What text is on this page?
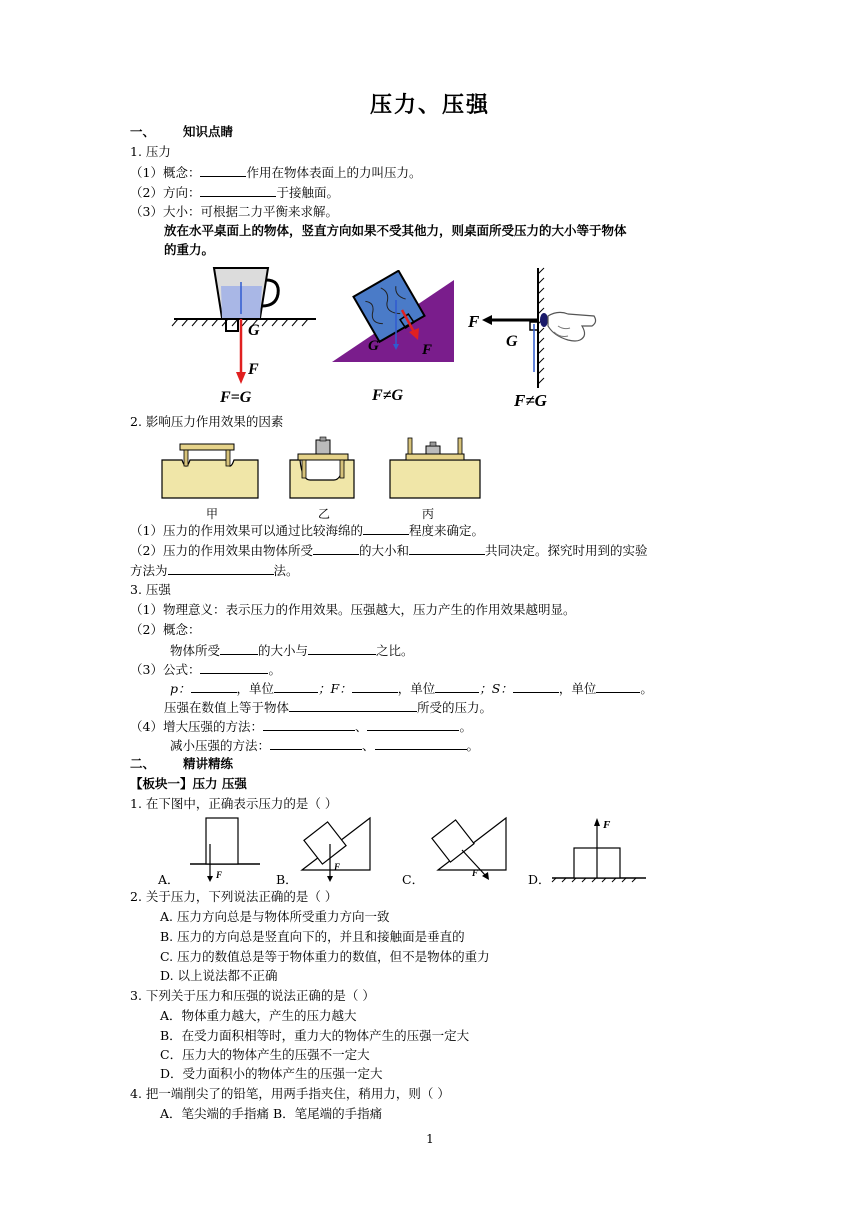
压力、压强
一、 知识点睛
1. 压力
（1）概念：	作用在物体表面上的力叫压力。
（2）方向：	于接触面。
（3）大小：可根据二力平衡来求解。
放在水平桌面上的物体，竖直方向如果不受其他力，则桌面所受压力的大小等于物体
的重力。
G
F
F=G
G	F
F≠G
F
G
F≠G
2. 影响压力作用效果的因素
甲	乙	丙
（1）压力的作用效果可以通过比较海绵的	程度来确定。
（2）压力的作用效果由物体所受	的大小和	共同决定。探究时用到的实验
方法为	法。
3. 压强
（1）物理意义：表示压力的作用效果。压强越大，压力产生的作用效果越明显。
（2）概念：
物体所受	的大小与	之比。
（3）公式：	。
p：	，单位	；F：	，单位	；S：	，单位	。
压强在数值上等于物体	所受的压力。
（4）增大压强的方法：	、	。
减小压强的方法：	、	。
二、 精讲精练
【板块一】压力 压强
1. 在下图中，正确表示压力的是（ ）
F
A．
F
B．	F
C．
F
D．
2. 关于压力，下列说法正确的是（ ）
A. 压力方向总是与物体所受重力方向一致
B. 压力的方向总是竖直向下的，并且和接触面是垂直的
C. 压力的数值总是等于物体重力的数值，但不是物体的重力
D. 以上说法都不正确
3. 下列关于压力和压强的说法正确的是（ ）
A．物体重力越大，产生的压力越大
B．在受力面积相等时，重力大的物体产生的压强一定大
C．压力大的物体产生的压强不一定大
D．受力面积小的物体产生的压强一定大
4. 把一端削尖了的铅笔，用两手指夹住，稍用力，则（ ）
A．笔尖端的手指痛 B．笔尾端的手指痛
1
